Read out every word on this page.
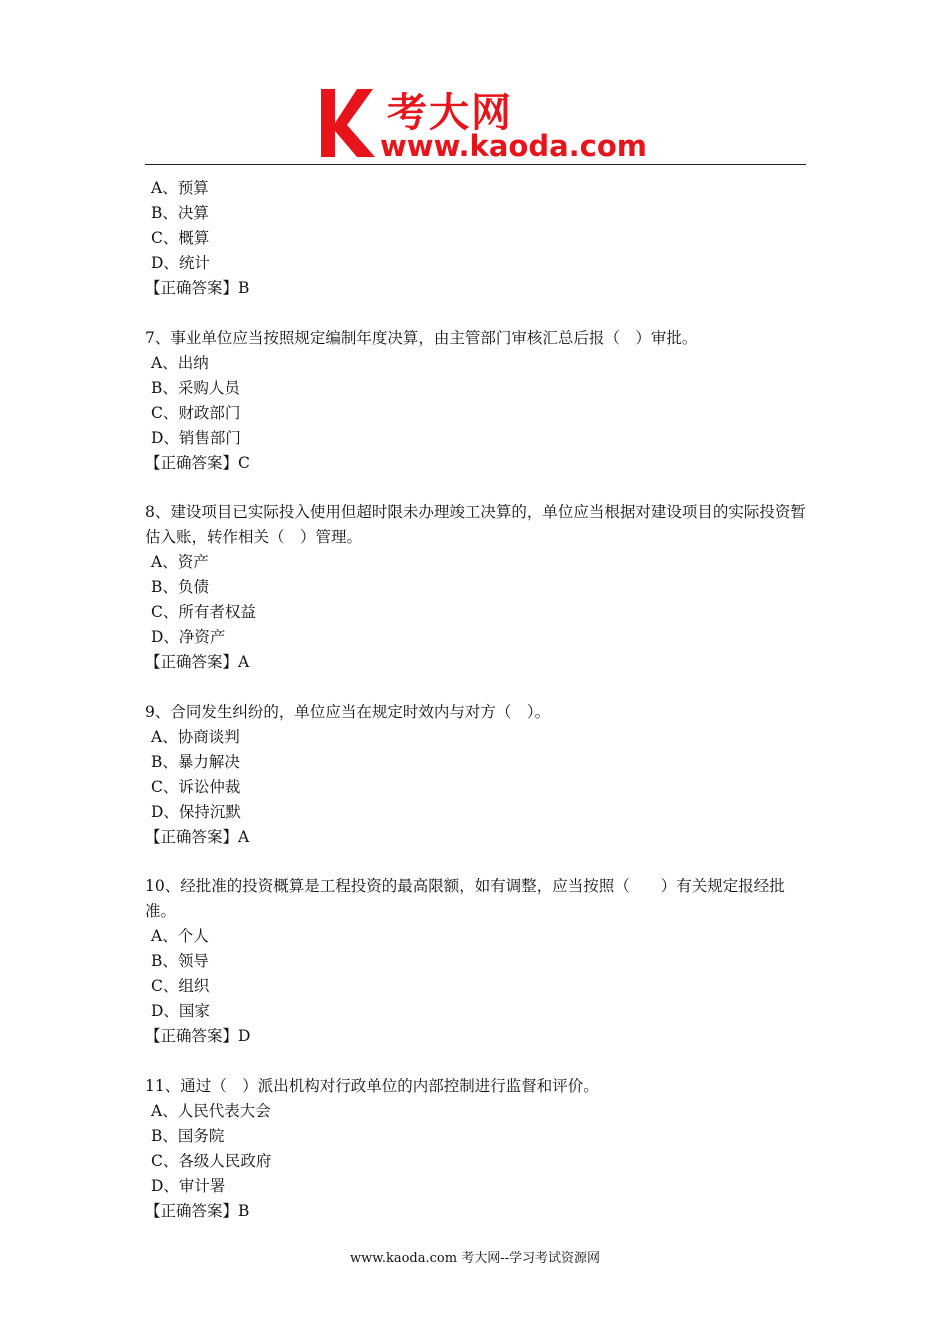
考大网
www.kaoda.com
A、预算
B、决算
C、概算
D、统计
【正确答案】B
7、事业单位应当按照规定编制年度决算，由主管部门审核汇总后报（　）审批。
A、出纳
B、采购人员
C、财政部门
D、销售部门
【正确答案】C
8、建设项目已实际投入使用但超时限未办理竣工决算的，单位应当根据对建设项目的实际投资暂估入账，转作相关（　）管理。
A、资产
B、负债
C、所有者权益
D、净资产
【正确答案】A
9、合同发生纠纷的，单位应当在规定时效内与对方（　）。
A、协商谈判
B、暴力解决
C、诉讼仲裁
D、保持沉默
【正确答案】A
10、经批准的投资概算是工程投资的最高限额，如有调整，应当按照（　　）有关规定报经批准。
A、个人
B、领导
C、组织
D、国家
【正确答案】D
11、通过（　）派出机构对行政单位的内部控制进行监督和评价。
A、人民代表大会
B、国务院
C、各级人民政府
D、审计署
【正确答案】B
www.kaoda.com 考大网--学习考试资源网
